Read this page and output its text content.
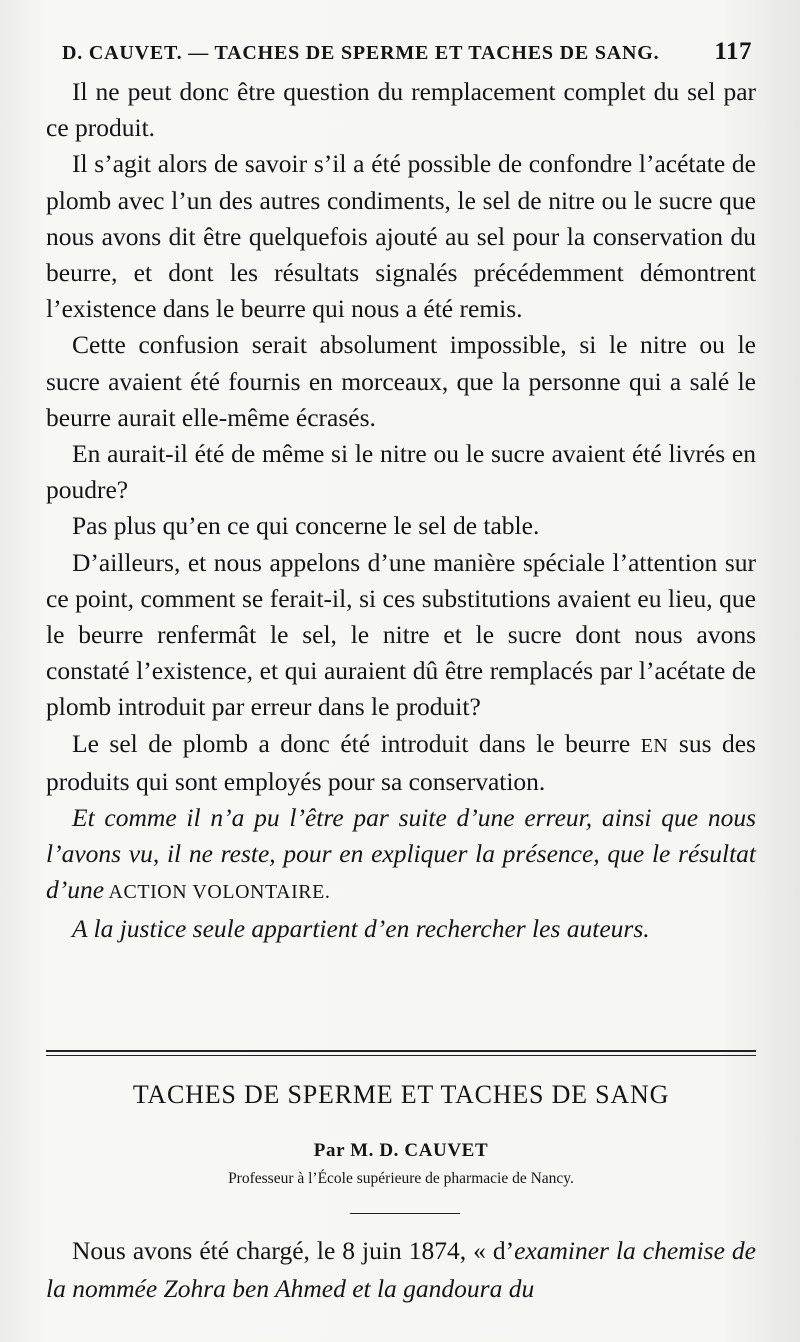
D. CAUVET. — TACHES DE SPERME ET TACHES DE SANG. 117

Il ne peut donc être question du remplacement complet du sel par ce produit.

Il s’agit alors de savoir s’il a été possible de confondre l’acétate de plomb avec l’un des autres condiments, le sel de nitre ou le sucre que nous avons dit être quelquefois ajouté au sel pour la conservation du beurre, et dont les résultats signalés précédemment démontrent l’existence dans le beurre qui nous a été remis.

Cette confusion serait absolument impossible, si le nitre ou le sucre avaient été fournis en morceaux, que la personne qui a salé le beurre aurait elle-même écrasés.

En aurait-il été de même si le nitre ou le sucre avaient été livrés en poudre?

Pas plus qu’en ce qui concerne le sel de table.

D’ailleurs, et nous appelons d’une manière spéciale l’attention sur ce point, comment se ferait-il, si ces substitutions avaient eu lieu, que le beurre renfermât le sel, le nitre et le sucre dont nous avons constaté l’existence, et qui auraient dû être remplacés par l’acétate de plomb introduit par erreur dans le produit?

Le sel de plomb a donc été introduit dans le beurre EN sus des produits qui sont employés pour sa conservation.

Et comme il n’a pu l’être par suite d’une erreur, ainsi que nous l’avons vu, il ne reste, pour en expliquer la présence, que le résultat d’une ACTION VOLONTAIRE.

A la justice seule appartient d’en rechercher les auteurs.

TACHES DE SPERME ET TACHES DE SANG
Par M. D. CAUVET
Professeur à l’École supérieure de pharmacie de Nancy.

Nous avons été chargé, le 8 juin 1874, « d’examiner la chemise de la nommée Zohra ben Ahmed et la gandoura du
